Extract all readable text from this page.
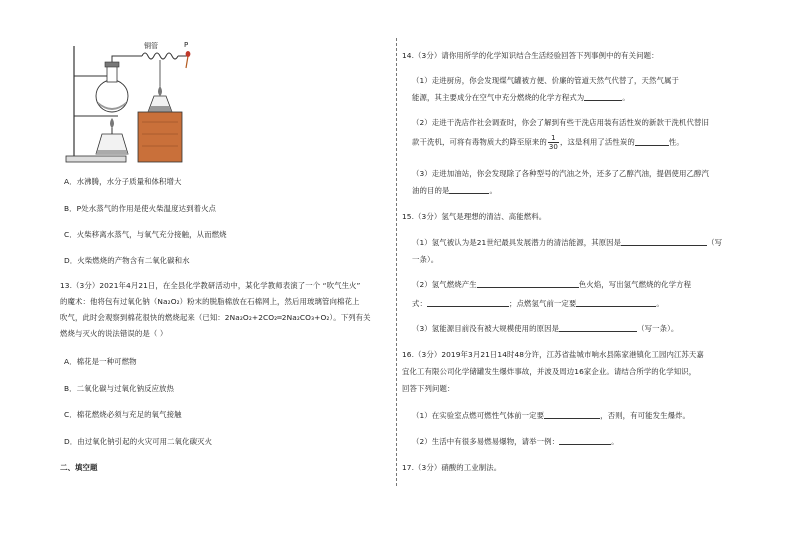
铜管	P
A．水沸腾，水分子质量和体积增大
B．P处水蒸气的作用是使火柴温度达到着火点
C．火柴移离水蒸气，与氧气充分接触，从而燃烧
D．火柴燃烧的产物含有二氧化碳和水
13.（3分）2021年4月21日，在全县化学教研活动中，某化学教师表演了一个 “吹气生火”
的魔术：他将包有过氧化钠（Na₂O₂）粉末的脱脂棉放在石棉网上，然后用玻璃管向棉花上
吹气，此时会观察到棉花很快的燃烧起来（已知：2Na₂O₂+2CO₂═2Na₂CO₃+O₂）。下列有关
燃烧与灭火的说法错误的是（ ）
A．棉花是一种可燃物
B．二氧化碳与过氧化钠反应放热
C．棉花燃烧必须与充足的氧气接触
D．由过氧化钠引起的火灾可用二氧化碳灭火
二、填空题
14.（3分）请你用所学的化学知识结合生活经验回答下列事例中的有关问题：
（1）走进厨房，你会发现煤气罐被方便、价廉的管道天然气代替了，天然气属于
能源，其主要成分在空气中充分燃烧的化学方程式为	。
（2）走进干洗店作社会调查时，你会了解到有些干洗店用装有活性炭的新款干洗机代替旧
款干洗机，可将有毒物质大约降至原来的 $\frac{1}{30}$ ，这是利用了活性炭的	性。
（3）走进加油站，你会发现除了各种型号的汽油之外，还多了乙醇汽油，提倡使用乙醇汽
油的目的是	。
15.（3分）氢气是理想的清洁、高能燃料。
（1）氢气被认为是21世纪最具发展潜力的清洁能源，其原因是	（写
一条）。
（2）氢气燃烧产生	色火焰，写出氢气燃烧的化学方程
式：	；点燃氢气前一定要	。
（3）氢能源目前没有被大规模使用的原因是	（写一条）。
16.（3分）2019年3月21日14时48分许，江苏省盐城市响水县陈家港镇化工园内江苏天嘉
宜化工有限公司化学储罐发生爆炸事故，并波及周边16家企业。请结合所学的化学知识，
回答下列问题：
（1）在实验室点燃可燃性气体前一定要	，否则，有可能发生爆炸。
（2）生活中有很多易燃易爆物，请举一例：	。
17.（3分）硝酸的工业制法。
